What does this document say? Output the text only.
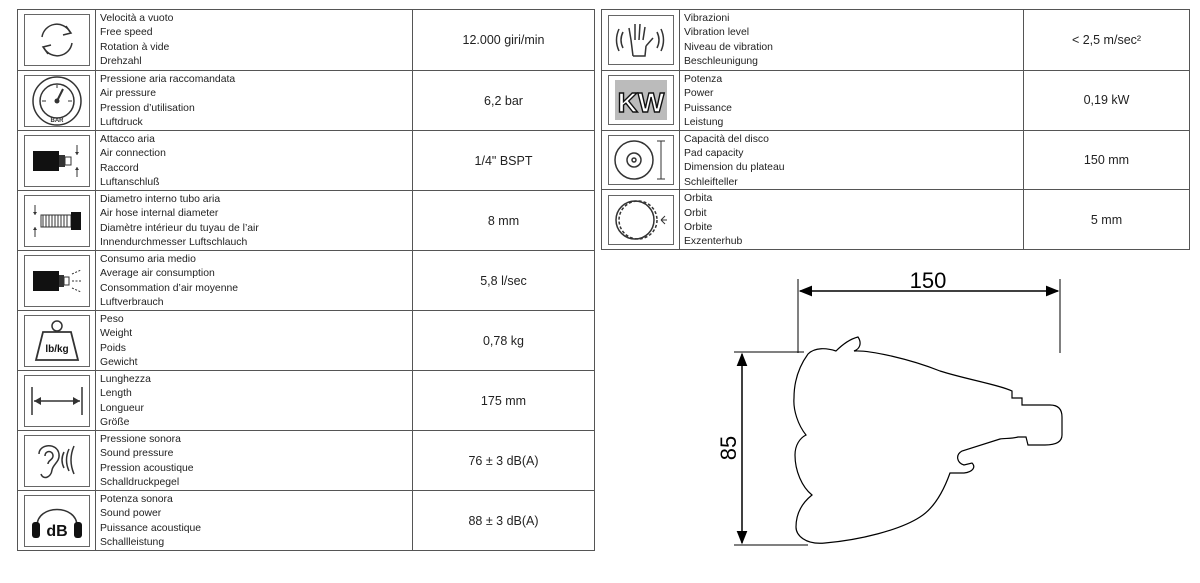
Velocità a vuoto
Free speed
Rotation à vide
Drehzahl
12.000 giri/min
BAR
Pressione aria raccomandata
Air pressure
Pression d’utilisation
Luftdruck
6,2 bar
Attacco aria
Air connection
Raccord
Luftanschluß
1/4" BSPT
Diametro interno tubo aria
Air hose internal diameter
Diamètre intérieur du tuyau de l’air
Innendurchmesser Luftschlauch
8 mm
Consumo aria medio
Average air consumption
Consommation d’air moyenne
Luftverbrauch
5,8 l/sec
lb/kg
Peso
Weight
Poids
Gewicht
0,78 kg
Lunghezza
Length
Longueur
Größe
175 mm
Pressione sonora
Sound pressure
Pression acoustique
Schalldruckpegel
76 ± 3 dB(A)
dB
Potenza sonora
Sound power
Puissance acoustique
Schallleistung
88 ± 3 dB(A)
Vibrazioni
Vibration level
Niveau de vibration
Beschleunigung
< 2,5 m/sec²
KW
Potenza
Power
Puissance
Leistung
0,19 kW
Capacità del disco
Pad capacity
Dimension du plateau
Schleifteller
150 mm
Orbita
Orbit
Orbite
Exzenterhub
5 mm
150
85
